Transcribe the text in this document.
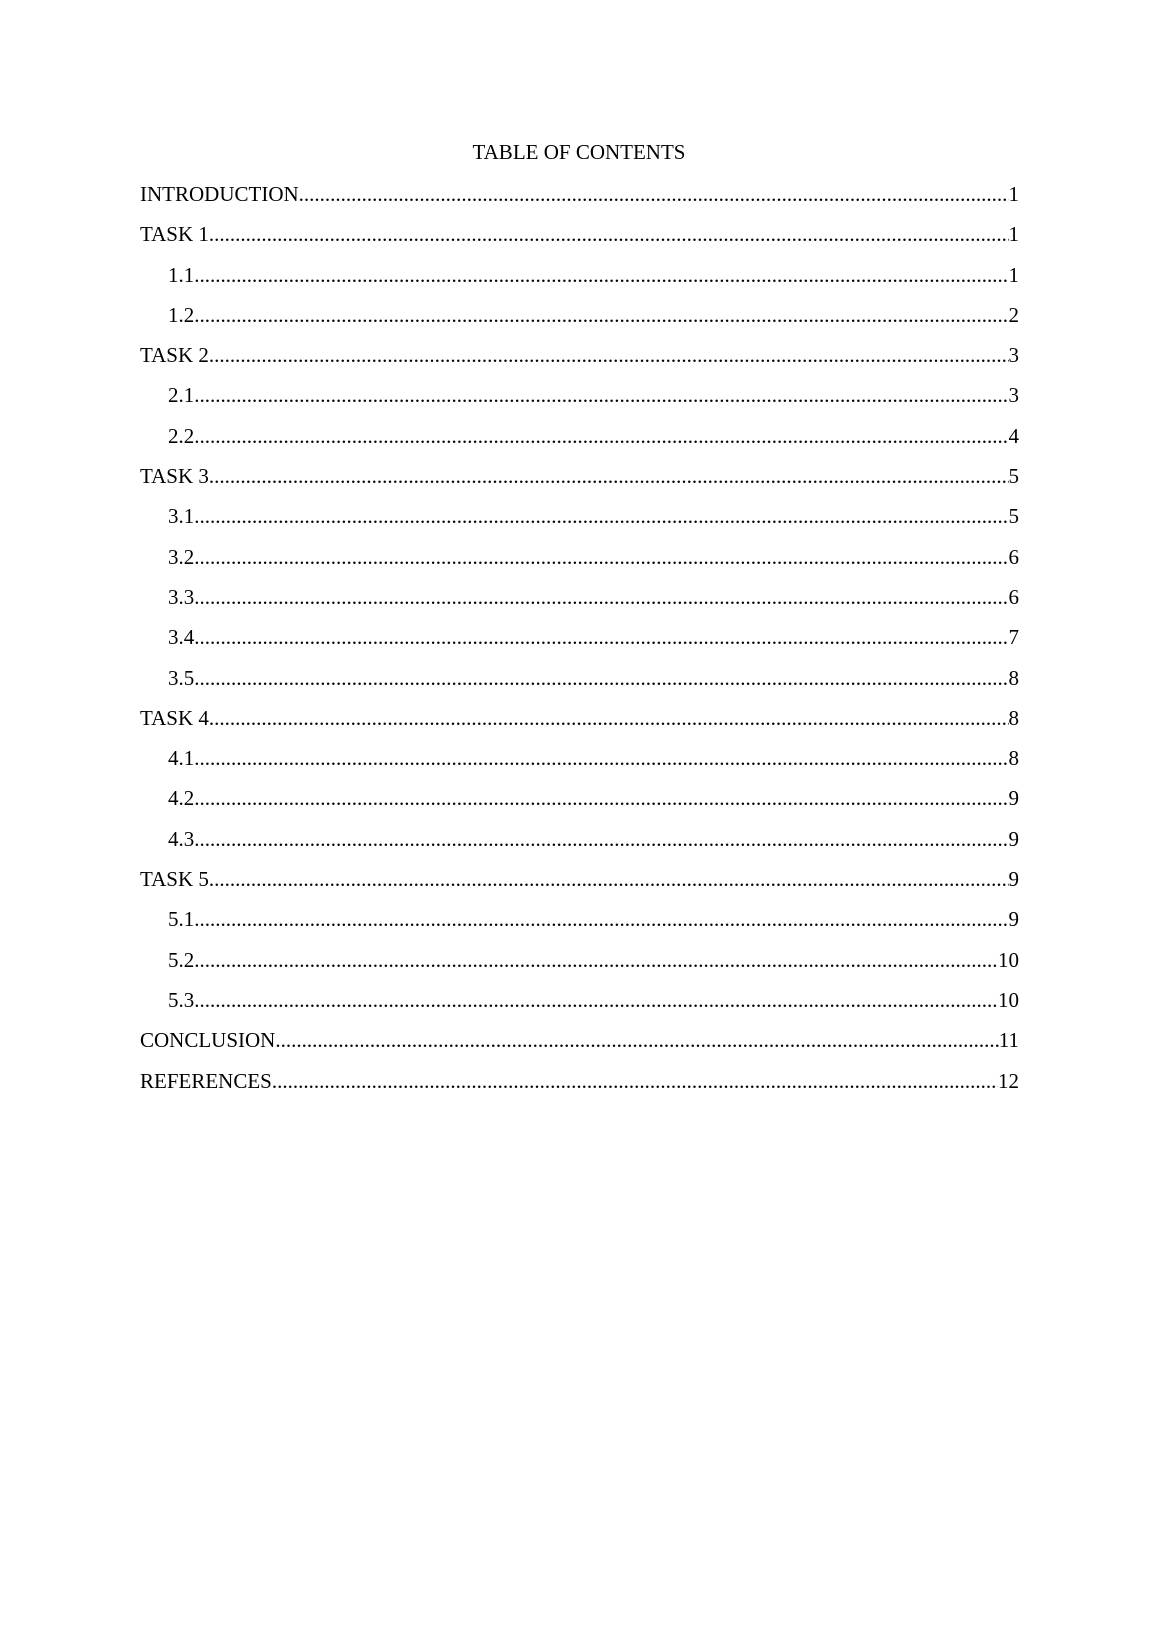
TABLE OF CONTENTS
INTRODUCTION .....	1
TASK 1 .....	1
1.1 .....	1
1.2 .....	2
TASK 2 .....	3
2.1 .....	3
2.2 .....	4
TASK 3 .....	5
3.1 .....	5
3.2 .....	6
3.3 .....	6
3.4 .....	7
3.5 .....	8
TASK 4 .....	8
4.1 .....	8
4.2 .....	9
4.3 .....	9
TASK 5 .....	9
5.1 .....	9
5.2 .....	10
5.3 .....	10
CONCLUSION .....	11
REFERENCES .....	12
